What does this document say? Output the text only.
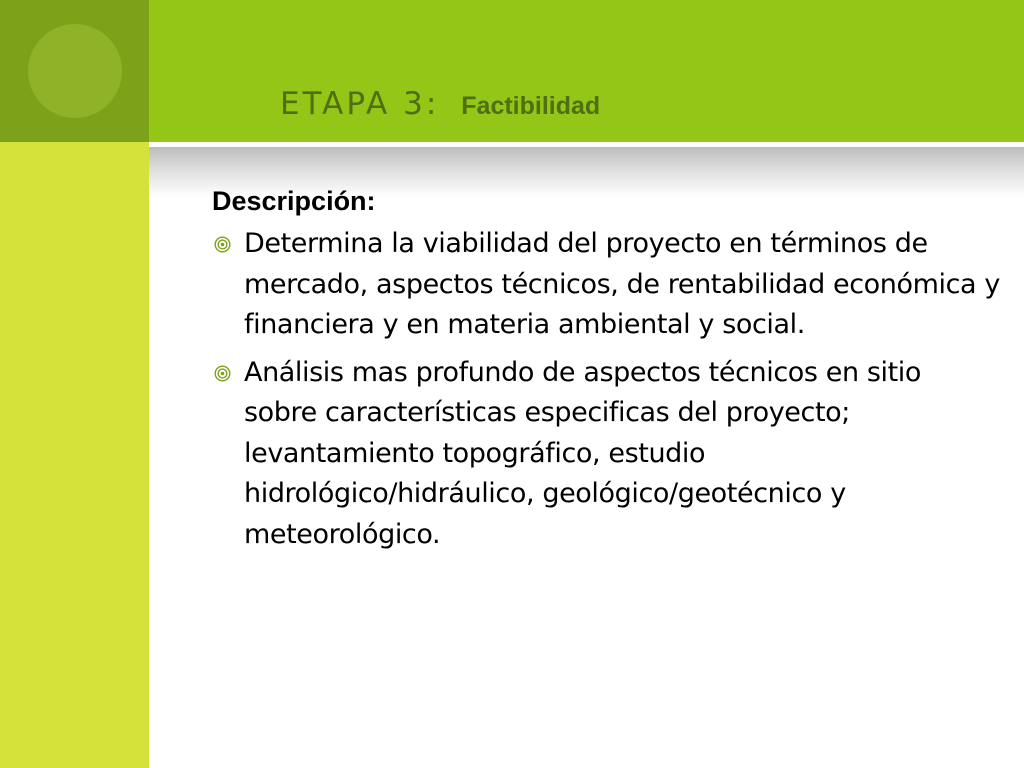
ETAPA 3: Factibilidad
Descripción:
Determina la viabilidad del proyecto en términos de mercado, aspectos técnicos, de rentabilidad económica y financiera y en materia ambiental y social.
Análisis mas profundo de aspectos técnicos en sitio sobre características especificas del proyecto; levantamiento topográfico, estudio hidrológico/hidráulico, geológico/geotécnico y meteorológico.
